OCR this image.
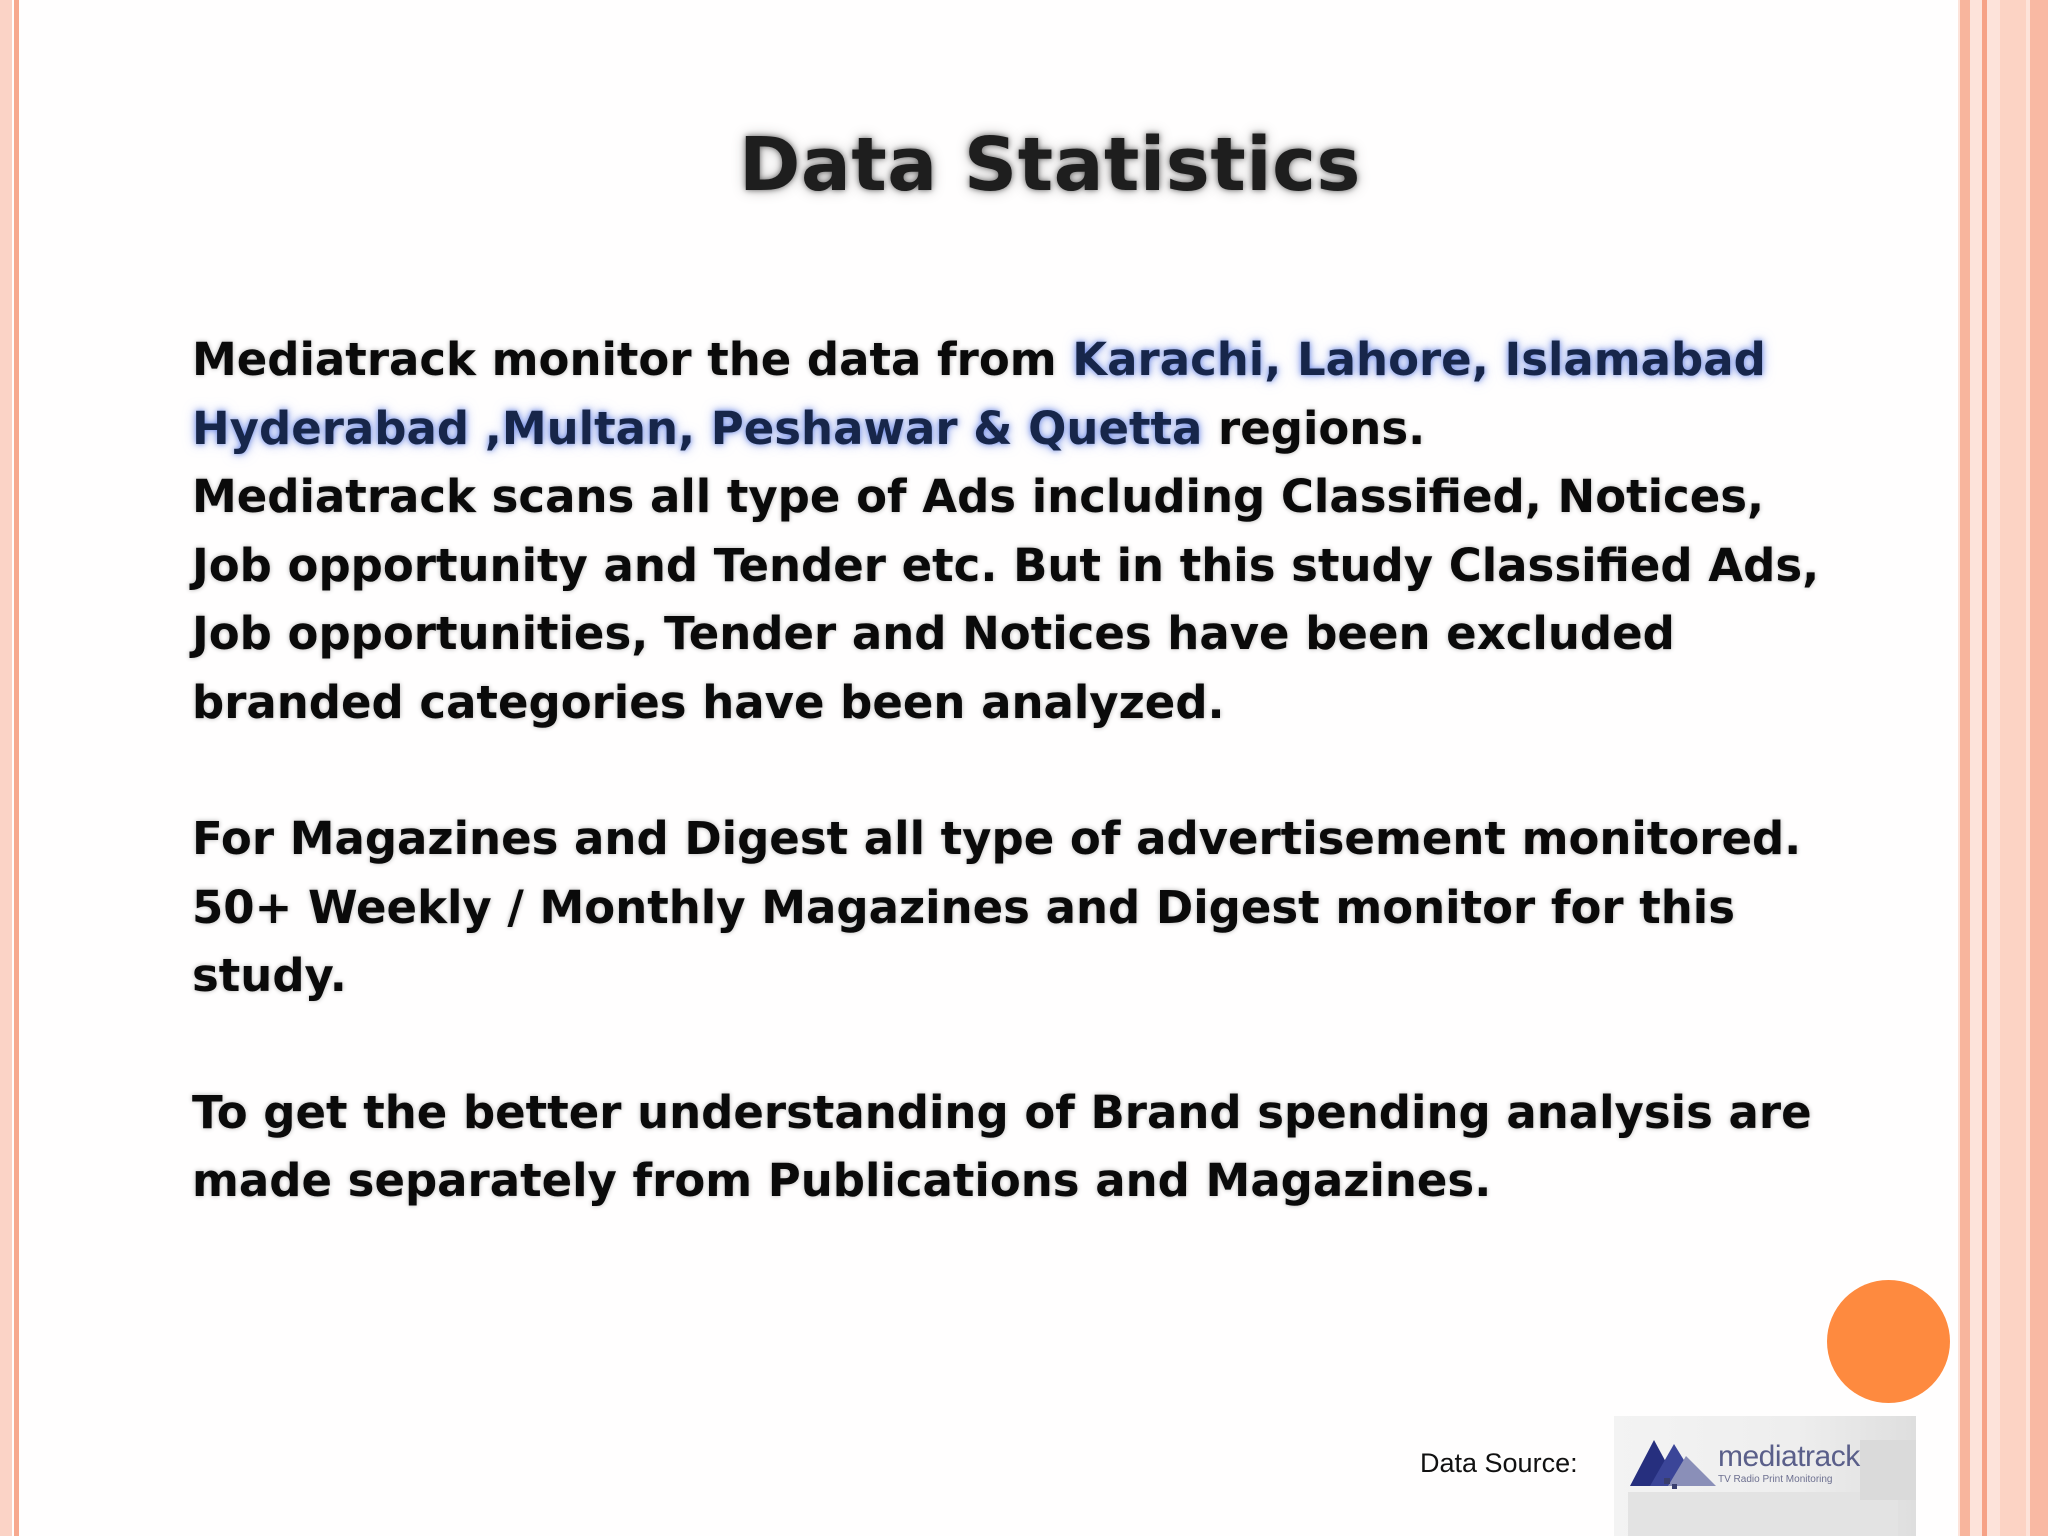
Data Statistics

Mediatrack monitor the data from Karachi, Lahore, Islamabad
Hyderabad ,Multan, Peshawar & Quetta regions.

Mediatrack scans all type of Ads including Classified, Notices, Job opportunity and Tender etc. But in this study Classified Ads, Job opportunities, Tender and Notices have been excluded branded categories have been analyzed.

For Magazines and Digest all type of advertisement monitored. 50+ Weekly / Monthly Magazines and Digest monitor for this study.

To get the better understanding of Brand spending analysis are made separately from Publications and Magazines.

Data Source:	mediatrack
TV Radio Print Monitoring
